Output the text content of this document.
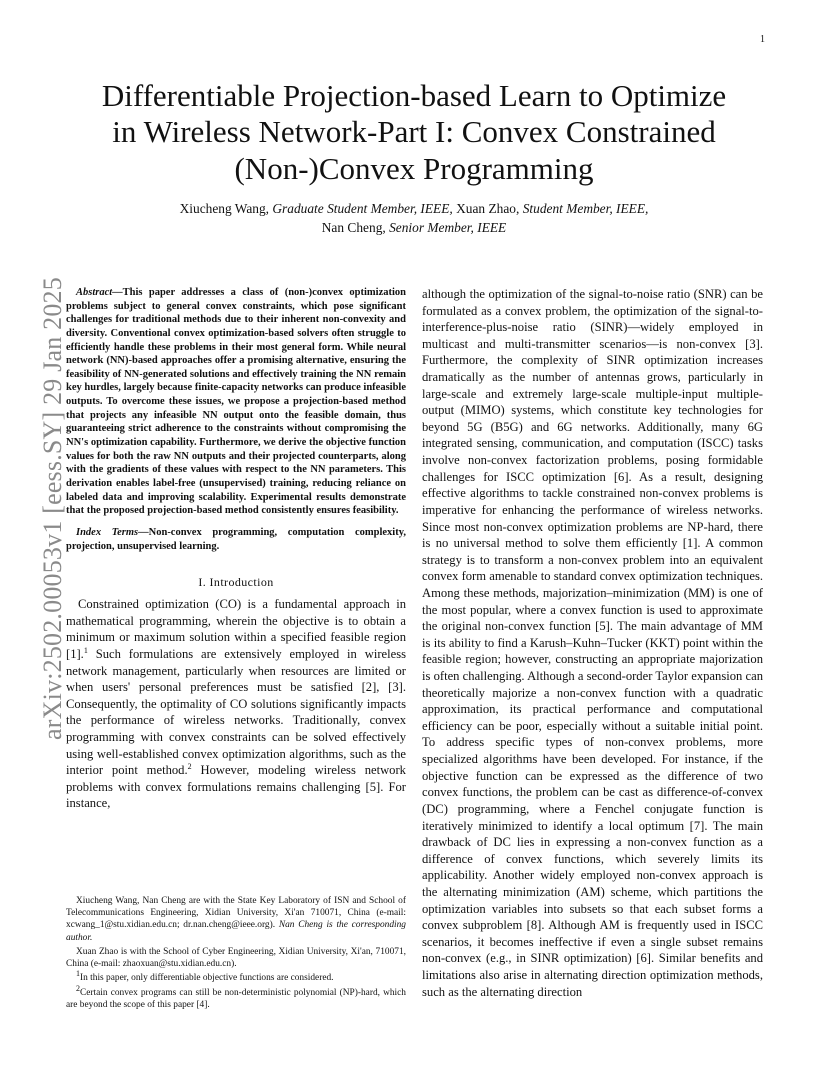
1
arXiv:2502.00053v1 [eess.SY] 29 Jan 2025
Differentiable Projection-based Learn to Optimize
in Wireless Network-Part I: Convex Constrained
(Non-)Convex Programming
Xiucheng Wang, Graduate Student Member, IEEE, Xuan Zhao, Student Member, IEEE,
Nan Cheng, Senior Member, IEEE

Abstract—This paper addresses a class of (non-)convex optimization problems subject to general convex constraints, which pose significant challenges for traditional methods due to their inherent non-convexity and diversity. Conventional convex optimization-based solvers often struggle to efficiently handle these problems in their most general form. While neural network (NN)-based approaches offer a promising alternative, ensuring the feasibility of NN-generated solutions and effectively training the NN remain key hurdles, largely because finite-capacity networks can produce infeasible outputs. To overcome these issues, we propose a projection-based method that projects any infeasible NN output onto the feasible domain, thus guaranteeing strict adherence to the constraints without compromising the NN's optimization capability. Furthermore, we derive the objective function values for both the raw NN outputs and their projected counterparts, along with the gradients of these values with respect to the NN parameters. This derivation enables label-free (unsupervised) training, reducing reliance on labeled data and improving scalability. Experimental results demonstrate that the proposed projection-based method consistently ensures feasibility.

Index Terms—Non-convex programming, computation complexity, projection, unsupervised learning.

I. Introduction

Constrained optimization (CO) is a fundamental approach in mathematical programming, wherein the objective is to obtain a minimum or maximum solution within a specified feasible region [1].$^1$ Such formulations are extensively employed in wireless network management, particularly when resources are limited or when users' personal preferences must be satisfied [2], [3]. Consequently, the optimality of CO solutions significantly impacts the performance of wireless networks. Traditionally, convex programming with convex constraints can be solved effectively using well-established convex optimization algorithms, such as the interior point method.$^2$ However, modeling wireless network problems with convex formulations remains challenging [5]. For instance,

although the optimization of the signal-to-noise ratio (SNR) can be formulated as a convex problem, the optimization of the signal-to-interference-plus-noise ratio (SINR)—widely employed in multicast and multi-transmitter scenarios—is non-convex [3]. Furthermore, the complexity of SINR optimization increases dramatically as the number of antennas grows, particularly in large-scale and extremely large-scale multiple-input multiple-output (MIMO) systems, which constitute key technologies for beyond 5G (B5G) and 6G networks. Additionally, many 6G integrated sensing, communication, and computation (ISCC) tasks involve non-convex factorization problems, posing formidable challenges for ISCC optimization [6]. As a result, designing effective algorithms to tackle constrained non-convex problems is imperative for enhancing the performance of wireless networks. Since most non-convex optimization problems are NP-hard, there is no universal method to solve them efficiently [1]. A common strategy is to transform a non-convex problem into an equivalent convex form amenable to standard convex optimization techniques. Among these methods, majorization–minimization (MM) is one of the most popular, where a convex function is used to approximate the original non-convex function [5]. The main advantage of MM is its ability to find a Karush–Kuhn–Tucker (KKT) point within the feasible region; however, constructing an appropriate majorization is often challenging. Although a second-order Taylor expansion can theoretically majorize a non-convex function with a quadratic approximation, its practical performance and computational efficiency can be poor, especially without a suitable initial point. To address specific types of non-convex problems, more specialized algorithms have been developed. For instance, if the objective function can be expressed as the difference of two convex functions, the problem can be cast as difference-of-convex (DC) programming, where a Fenchel conjugate function is iteratively minimized to identify a local optimum [7]. The main drawback of DC lies in expressing a non-convex function as a difference of convex functions, which severely limits its applicability. Another widely employed non-convex approach is the alternating minimization (AM) scheme, which partitions the optimization variables into subsets so that each subset forms a convex subproblem [8]. Although AM is frequently used in ISCC scenarios, it becomes ineffective if even a single subset remains non-convex (e.g., in SINR optimization) [6]. Similar benefits and limitations also arise in alternating direction optimization methods, such as the alternating direction

Xiucheng Wang, Nan Cheng are with the State Key Laboratory of ISN and School of Telecommunications Engineering, Xidian University, Xi'an 710071, China (e-mail: xcwang_1@stu.xidian.edu.cn; dr.nan.cheng@ieee.org). Nan Cheng is the corresponding author.

Xuan Zhao is with the School of Cyber Engineering, Xidian University, Xi'an, 710071, China (e-mail: zhaoxuan@stu.xidian.edu.cn).

$^1$In this paper, only differentiable objective functions are considered.

$^2$Certain convex programs can still be non-deterministic polynomial (NP)-hard, which are beyond the scope of this paper [4].
